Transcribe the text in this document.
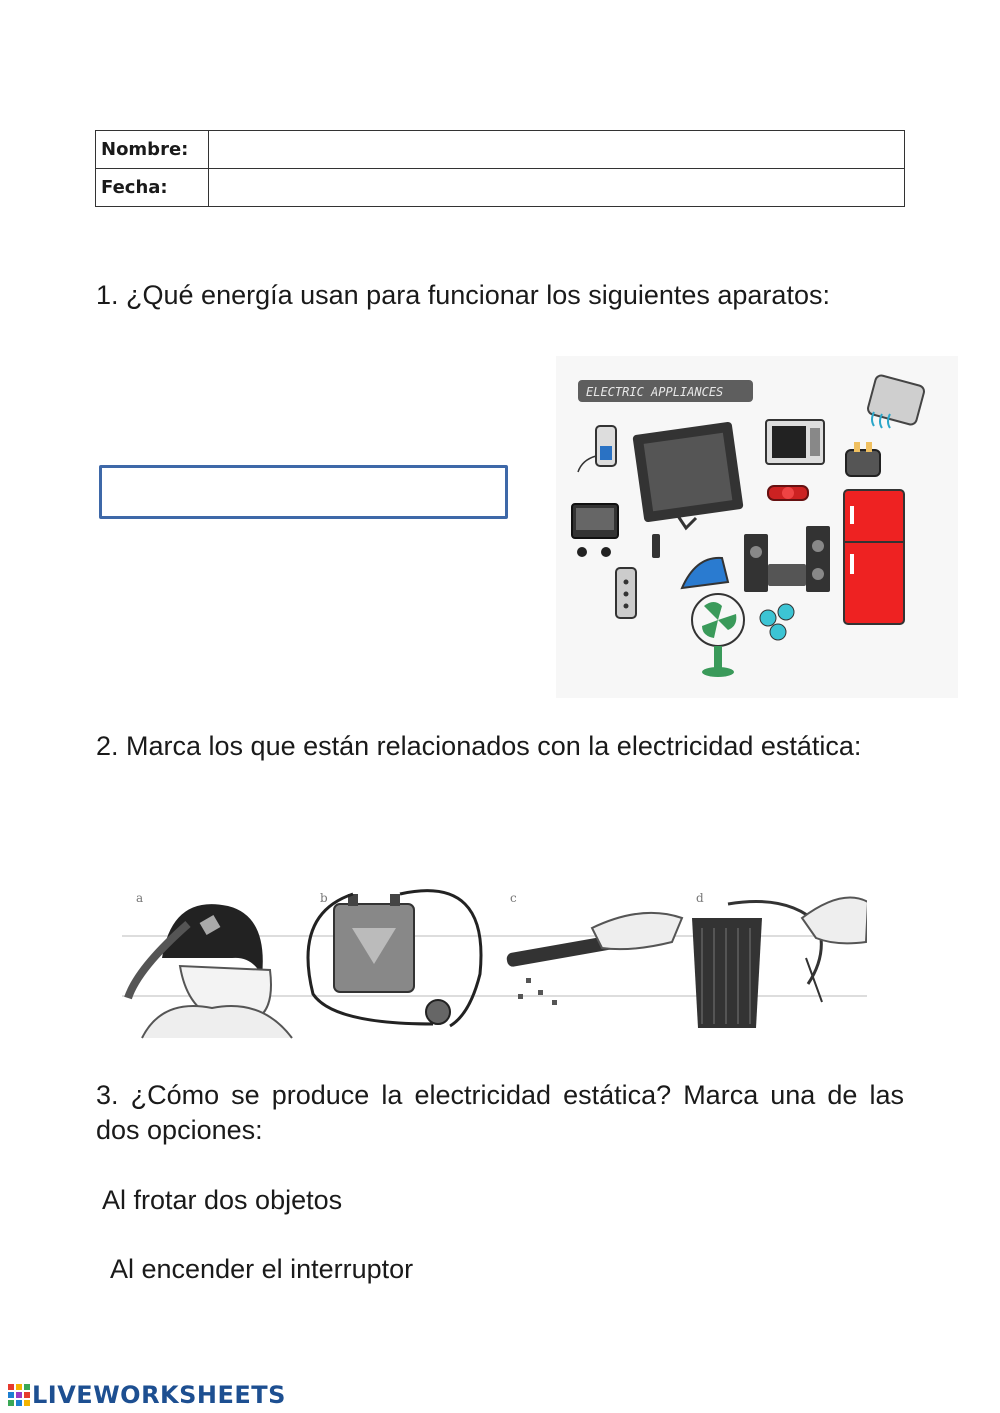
Nombre:	
Fecha:	
1. ¿Qué energía usan para funcionar los siguientes aparatos:
ELECTRIC APPLIANCES
2. Marca los que están relacionados con la electricidad estática:
a	b	c	d
3. ¿Cómo se produce la electricidad estática? Marca una de las dos opciones:
Al frotar dos objetos
Al encender el interruptor
LIVEWORKSHEETS
